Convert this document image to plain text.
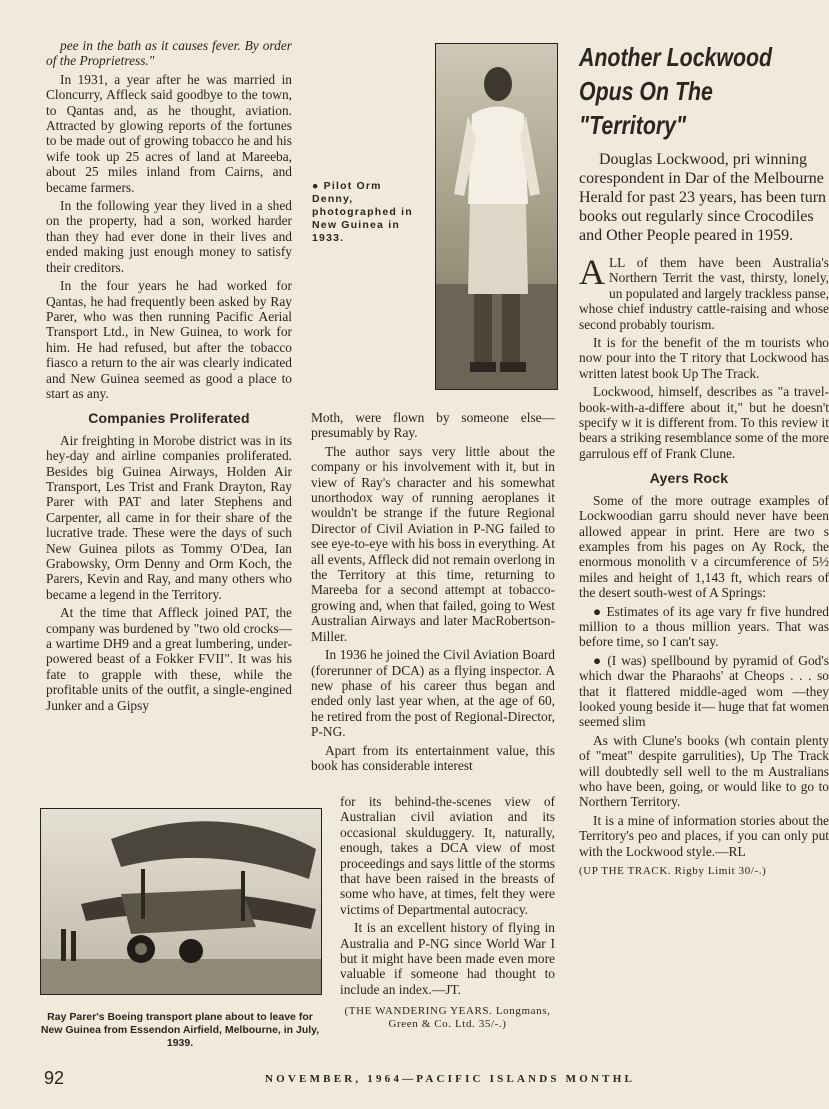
pee in the bath as it causes fever. By order of the Proprietress."

In 1931, a year after he was married in Cloncurry, Affleck said goodbye to the town, to Qantas and, as he thought, aviation. Attracted by glowing reports of the fortunes to be made out of growing tobacco he and his wife took up 25 acres of land at Mareeba, about 25 miles inland from Cairns, and became farmers.

In the following year they lived in a shed on the property, had a son, worked harder than they had ever done in their lives and ended making just enough money to satisfy their creditors.

In the four years he had worked for Qantas, he had frequently been asked by Ray Parer, who was then running Pacific Aerial Transport Ltd., in New Guinea, to work for him. He had refused, but after the tobacco fiasco a return to the air was clearly indicated and New Guinea seemed as good a place to start as any.

Companies Proliferated

Air freighting in Morobe district was in its hey-day and airline companies proliferated. Besides big Guinea Airways, Holden Air Transport, Les Trist and Frank Drayton, Ray Parer with PAT and later Stephens and Carpenter, all came in for their share of the lucrative trade. These were the days of such New Guinea pilots as Tommy O'Dea, Ian Grabowsky, Orm Denny and Orm Koch, the Parers, Kevin and Ray, and many others who became a legend in the Territory.

At the time that Affleck joined PAT, the company was burdened by "two old crocks—a wartime DH9 and a great lumbering, under-powered beast of a Fokker FVII". It was his fate to grapple with these, while the profitable units of the outfit, a single-engined Junker and a Gipsy

● Pilot Orm Denny, photographed in New Guinea in 1933.

Moth, were flown by someone else—presumably by Ray.

The author says very little about the company or his involvement with it, but in view of Ray's character and his somewhat unorthodox way of running aeroplanes it wouldn't be strange if the future Regional Director of Civil Aviation in P-NG failed to see eye-to-eye with his boss in everything. At all events, Affleck did not remain overlong in the Territory at this time, returning to Mareeba for a second attempt at tobacco-growing and, when that failed, going to West Australian Airways and later MacRobertson-Miller.

In 1936 he joined the Civil Aviation Board (forerunner of DCA) as a flying inspector. A new phase of his career thus began and ended only last year when, at the age of 60, he retired from the post of Regional-Director, P-NG.

Apart from its entertainment value, this book has considerable interest

for its behind-the-scenes view of Australian civil aviation and its occasional skulduggery. It, naturally, enough, takes a DCA view of most proceedings and says little of the storms that have been raised in the breasts of some who have, at times, felt they were victims of Departmental autocracy.

It is an excellent history of flying in Australia and P-NG since World War I but it might have been made even more valuable if someone had thought to include an index.—JT.

(THE WANDERING YEARS. Longmans, Green & Co. Ltd. 35/-.)
Ray Parer's Boeing transport plane about to leave for New Guinea from Essendon Airfield, Melbourne, in July, 1939.
Another Lockwood Opus On The "Territory"

Douglas Lockwood, pri winning corespondent in Dar of the Melbourne Herald for past 23 years, has been turn books out regularly since Crocodiles and Other People peared in 1959.

ALL of them have been Australia's Northern Territ the vast, thirsty, lonely, un populated and largely trackless panse, whose chief industry cattle-raising and whose second probably tourism.

It is for the benefit of the m tourists who now pour into the T ritory that Lockwood has written latest book Up The Track.

Lockwood, himself, describes as "a travel-book-with-a-differe about it," but he doesn't specify w it is different from. To this review it bears a striking resemblance some of the more garrulous eff of Frank Clune.

Ayers Rock

Some of the more outrage examples of Lockwoodian garru should never have been allowed appear in print. Here are two s examples from his pages on Ay Rock, the enormous monolith v a circumference of 5½ miles and height of 1,143 ft, which rears of the desert south-west of A Springs:

● Estimates of its age vary fr five hundred million to a thous million years. That was before time, so I can't say.

● (I was) spellbound by pyramid of God's which dwar the Pharaohs' at Cheops . . . so that it flattered middle-aged wom —they looked young beside it— huge that fat women seemed slim

As with Clune's books (wh contain plenty of "meat" despite garrulities), Up The Track will doubtedly sell well to the m Australians who have been, going, or would like to go to Northern Territory.

It is a mine of information stories about the Territory's peo and places, if you can only put with the Lockwood style.—RL

(UP THE TRACK. Rigby Limit 30/-.)
92	NOVEMBER, 1964—PACIFIC ISLANDS MONTHL
